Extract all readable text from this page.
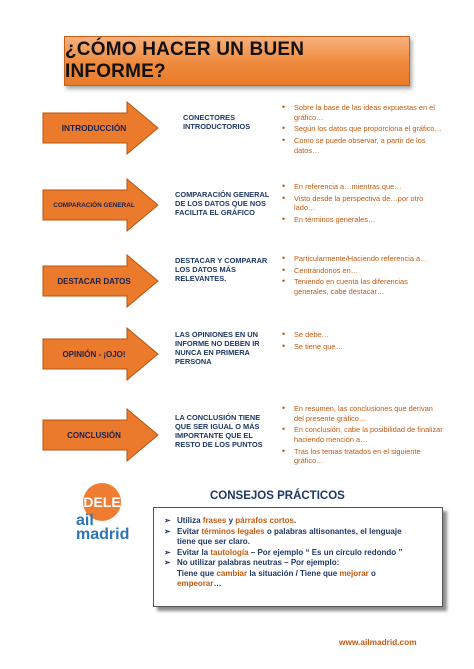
¿CÓMO HACER UN BUEN INFORME?
INTRODUCCIÓN
CONECTORES
INTRODUCTORIOS
• Sobre la base de las ideas expuestas en el
gráfico…
• Según los datos que proporciona el gráfico…
• Como se puede observar, a partir de los
datos…
COMPARACIÓN GENERAL
COMPARACIÓN GENERAL
DE LOS DATOS QUE NOS
FACILITA EL GRÁFICO
• En referencia a…mientras que…
• Visto desde la perspectiva de…por otro
lado…
• En términos generales…
DESTACAR DATOS
DESTACAR Y COMPARAR
LOS DATOS MÁS
RELEVANTES.
• Particularmente/Haciendo referencia a…
• Centrándonos en…
• Teniendo en cuenta las diferencias
generales, cabe destacar…
OPINIÓN - ¡OJO!
LAS OPINIONES EN UN
INFORME NO DEBEN IR
NUNCA EN PRIMERA
PERSONA
• Se debe…
• Se tiene que…
CONCLUSIÓN
LA CONCLUSIÓN TIENE
QUE SER IGUAL O MÁS
IMPORTANTE QUE EL
RESTO DE LOS PUNTOS
• En resumen, las conclusiones que derivan
del presente gráfico…
• En conclusión, cabe la posibilidad de finalizar
haciendo mención a…
• Tras los temas tratados en el siguiente
gráfico…
DELE
ail
madrid
CONSEJOS PRÁCTICOS
➢ Utiliza frases y párrafos cortos.
➢ Evitar términos legales o palabras altisonantes, el lenguaje
tiene que ser claro.
➢ Evitar la tautología – Por ejemplo “ Es un círculo redondo ”
➢ No utilizar palabras neutras – Por ejemplo:
Tiene que cambiar la situación / Tiene que mejorar o
empeorar…
www.ailmadrid.com
